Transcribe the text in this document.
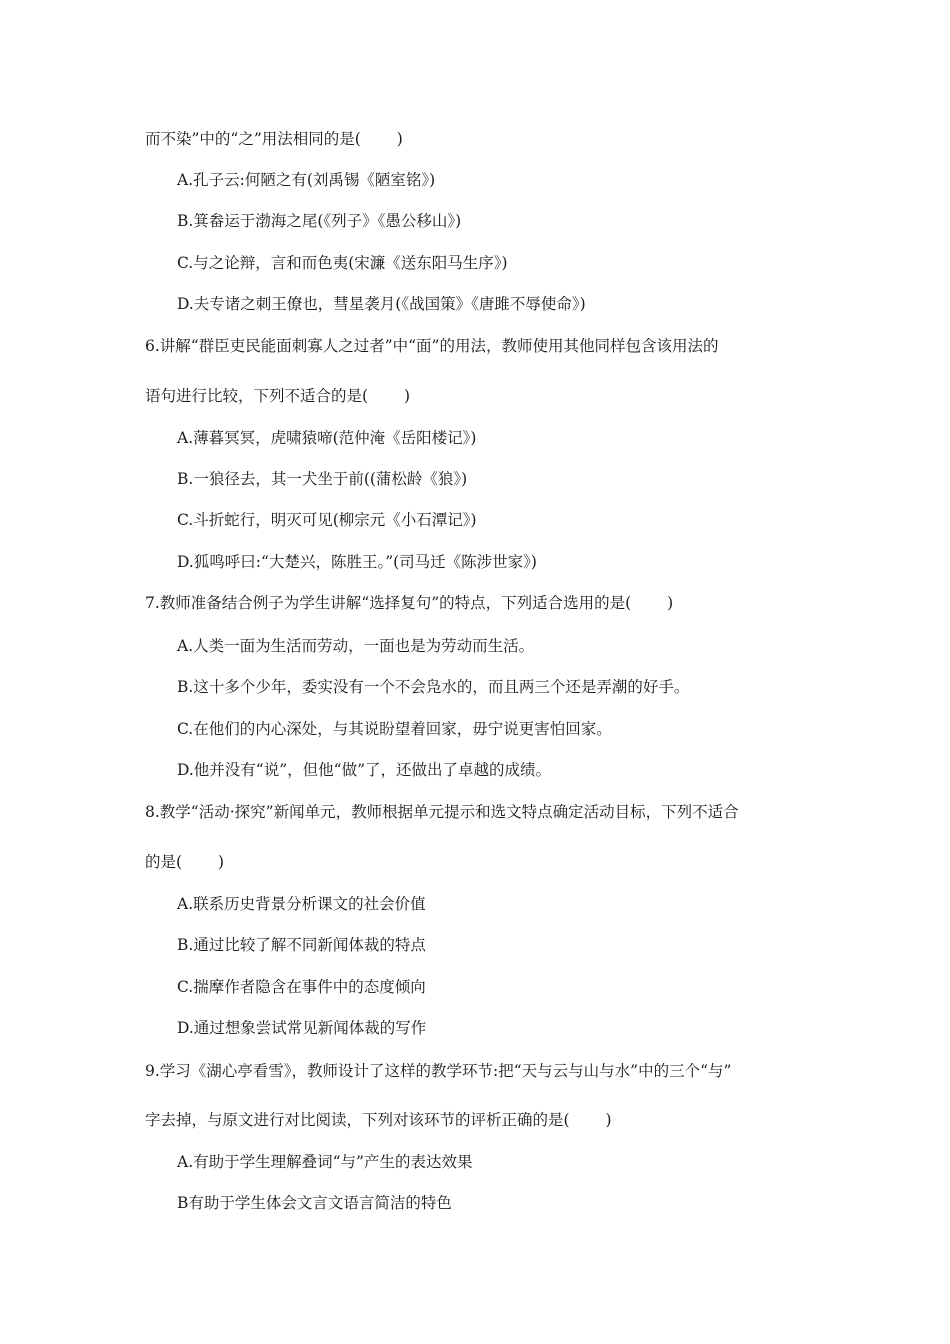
而不染”中的“之”用法相同的是(　　 )
A.孔子云:何陋之有(刘禹锡《陋室铭》)
B.箕畚运于渤海之尾(《列子》《愚公移山》)
C.与之论辩，言和而色夷(宋濂《送东阳马生序》)
D.夫专诸之刺王僚也，彗星袭月(《战国策》《唐雎不辱使命》)
6.讲解“群臣吏民能面刺寡人之过者”中“面”的用法，教师使用其他同样包含该用法的
语句进行比较，下列不适合的是(　　 )
A.薄暮冥冥，虎啸猿啼(范仲淹《岳阳楼记》)
B.一狼径去，其一犬坐于前((蒲松龄《狼》)
C.斗折蛇行，明灭可见(柳宗元《小石潭记》)
D.狐鸣呼曰:“大楚兴，陈胜王。”(司马迁《陈涉世家》)
7.教师准备结合例子为学生讲解“选择复句”的特点，下列适合选用的是(　　 )
A.人类一面为生活而劳动，一面也是为劳动而生活。
B.这十多个少年，委实没有一个不会凫水的，而且两三个还是弄潮的好手。
C.在他们的内心深处，与其说盼望着回家，毋宁说更害怕回家。
D.他并没有“说”，但他“做”了，还做出了卓越的成绩。
8.教学“活动·探究”新闻单元，教师根据单元提示和选文特点确定活动目标，下列不适合
的是(　　 )
A.联系历史背景分析课文的社会价值
B.通过比较了解不同新闻体裁的特点
C.揣摩作者隐含在事件中的态度倾向
D.通过想象尝试常见新闻体裁的写作
9.学习《湖心亭看雪》，教师设计了这样的教学环节:把“天与云与山与水”中的三个“与”
字去掉，与原文进行对比阅读，下列对该环节的评析正确的是(　　 )
A.有助于学生理解叠词“与”产生的表达效果
B有助于学生体会文言文语言简洁的特色
